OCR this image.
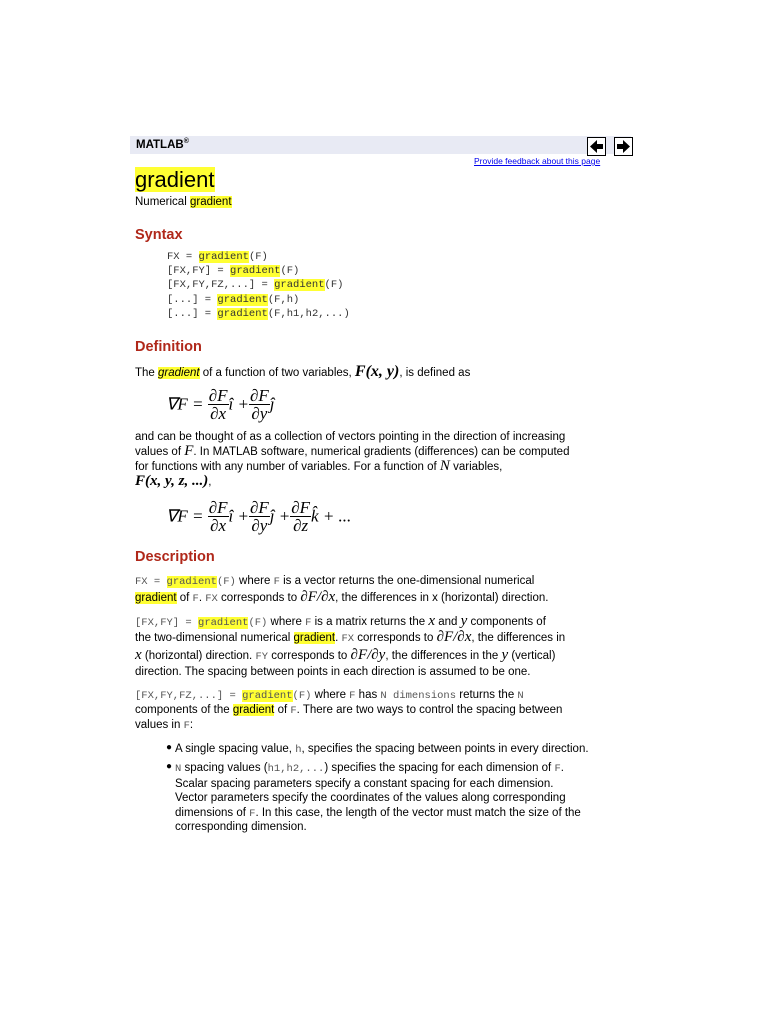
MATLAB®
Provide feedback about this page
gradient
Numerical gradient
Syntax
FX = gradient(F)
[FX,FY] = gradient(F)
[FX,FY,FZ,...] = gradient(F)
[...] = gradient(F,h)
[...] = gradient(F,h1,h2,...)
Definition
The gradient of a function of two variables, F(x, y), is defined as
$\nabla F = \frac{\partial F}{\partial x}$ î + $\frac{\partial F}{\partial y}$ ĵ
and can be thought of as a collection of vectors pointing in the direction of increasing
values of F. In MATLAB software, numerical gradients (differences) can be computed
for functions with any number of variables. For a function of N variables,
F(x, y, z, ...),
$\nabla F = \frac{\partial F}{\partial x}$ î + $\frac{\partial F}{\partial y}$ ĵ + $\frac{\partial F}{\partial z}$ k̂ + ...
Description
FX = gradient(F) where F is a vector returns the one-dimensional numerical
gradient of F. FX corresponds to ∂F/∂x, the differences in x (horizontal) direction.
[FX,FY] = gradient(F) where F is a matrix returns the x and y components of
the two-dimensional numerical gradient. FX corresponds to ∂F/∂x, the differences in
x (horizontal) direction. FY corresponds to ∂F/∂y, the differences in the y (vertical)
direction. The spacing between points in each direction is assumed to be one.
[FX,FY,FZ,...] = gradient(F) where F has N dimensions returns the N
components of the gradient of F. There are two ways to control the spacing between
values in F:
● A single spacing value, h, specifies the spacing between points in every direction.
● N spacing values (h1,h2,...) specifies the spacing for each dimension of F.
Scalar spacing parameters specify a constant spacing for each dimension.
Vector parameters specify the coordinates of the values along corresponding
dimensions of F. In this case, the length of the vector must match the size of the
corresponding dimension.
